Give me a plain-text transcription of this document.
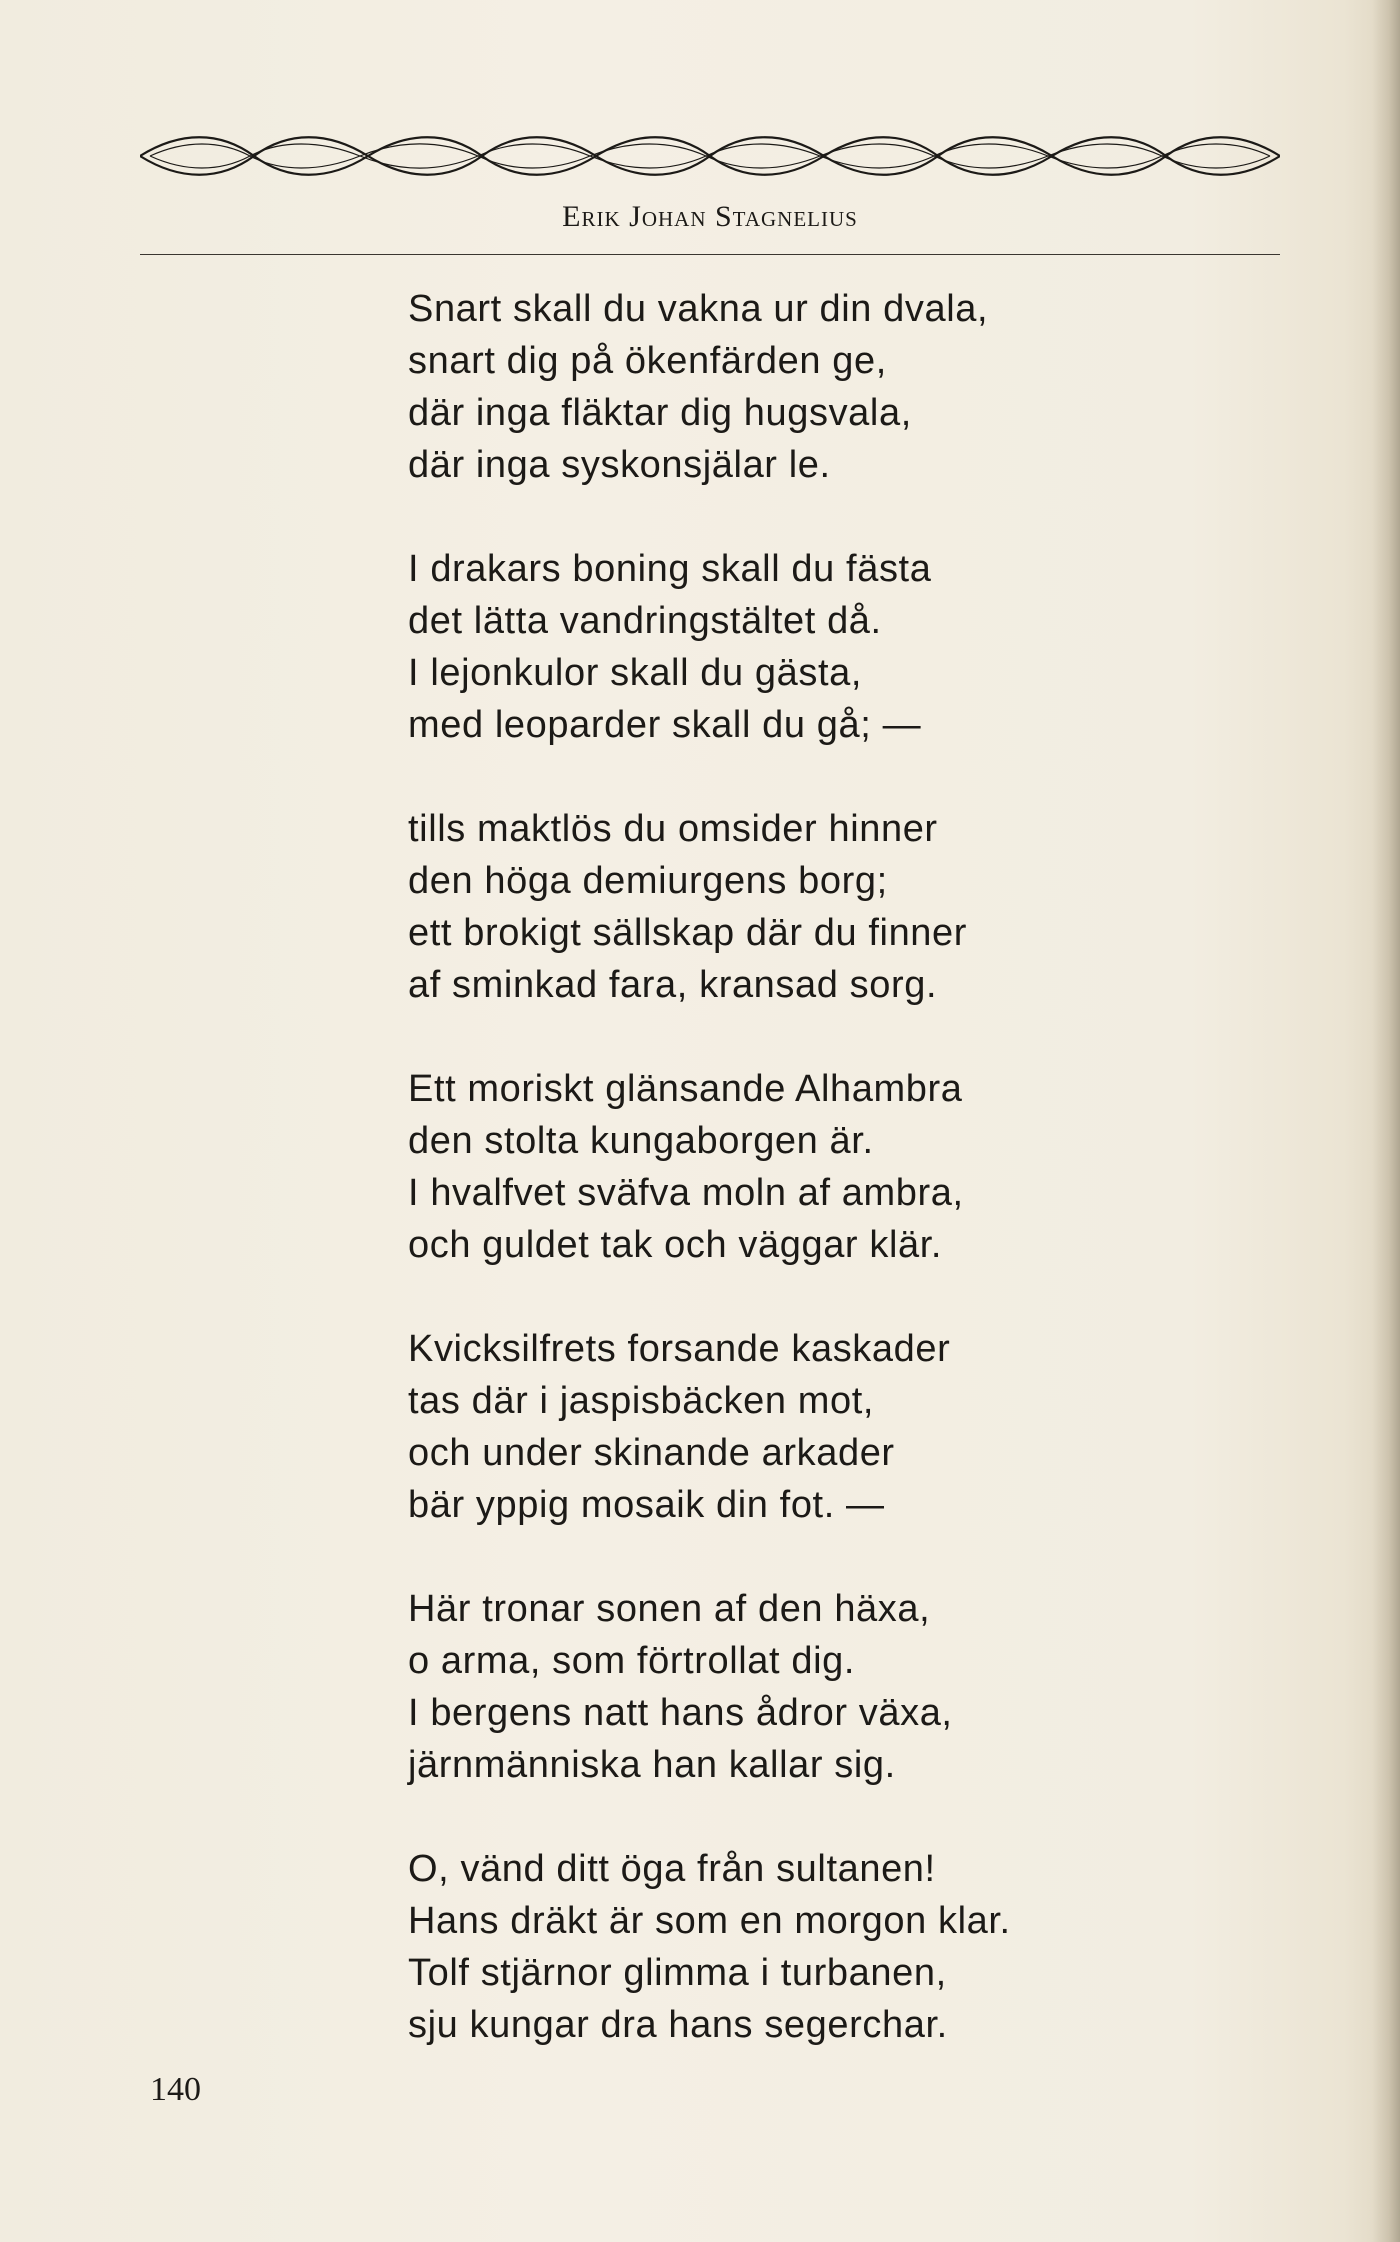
Erik Johan Stagnelius
Snart skall du vakna ur din dvala,
snart dig på ökenfärden ge,
där inga fläktar dig hugsvala,
där inga syskonsjälar le.
I drakars boning skall du fästa
det lätta vandringstältet då.
I lejonkulor skall du gästa,
med leoparder skall du gå; —
tills maktlös du omsider hinner
den höga demiurgens borg;
ett brokigt sällskap där du finner
af sminkad fara, kransad sorg.
Ett moriskt glänsande Alhambra
den stolta kungaborgen är.
I hvalfvet sväfva moln af ambra,
och guldet tak och väggar klär.
Kvicksilfrets forsande kaskader
tas där i jaspisbäcken mot,
och under skinande arkader
bär yppig mosaik din fot. —
Här tronar sonen af den häxa,
o arma, som förtrollat dig.
I bergens natt hans ådror växa,
järnmänniska han kallar sig.
O, vänd ditt öga från sultanen!
Hans dräkt är som en morgon klar.
Tolf stjärnor glimma i turbanen,
sju kungar dra hans segerchar.
140
